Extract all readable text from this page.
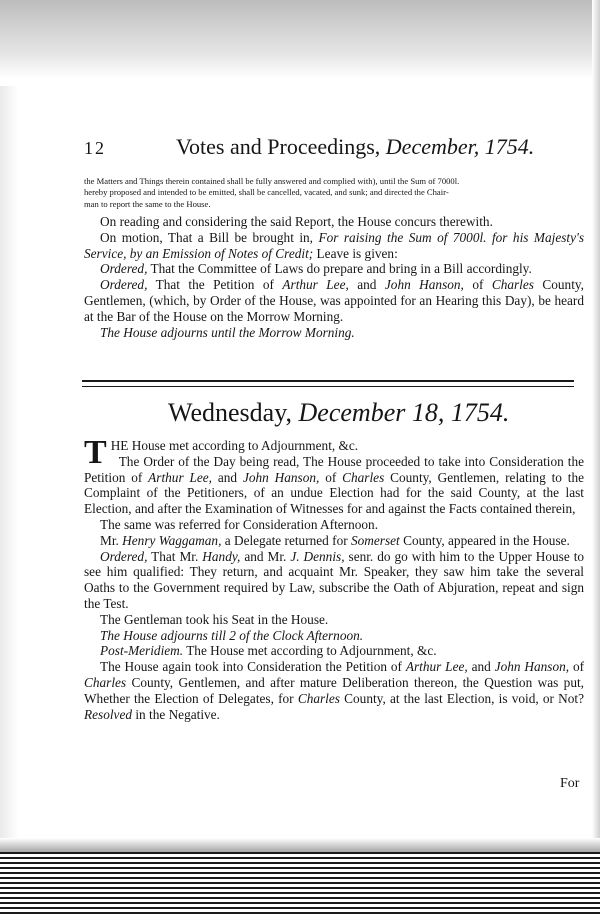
12	Votes and Proceedings, December, 1754.
the Matters and Things therein contained shall be fully answered and complied with), until the Sum of 7000l.
hereby proposed and intended to be emitted, shall be cancelled, vacated, and sunk; and directed the Chair-
man to report the same to the House.

On reading and considering the said Report, the House concurs therewith.

On motion, That a Bill be brought in, For raising the Sum of 7000l. for his Majesty's Service, by an Emission of Notes of Credit; Leave is given:

Ordered, That the Committee of Laws do prepare and bring in a Bill accordingly.

Ordered, That the Petition of Arthur Lee, and John Hanson, of Charles County, Gentlemen, (which, by Order of the House, was appointed for an Hearing this Day), be heard at the Bar of the House on the Morrow Morning.

The House adjourns until the Morrow Morning.

Wednesday, December 18, 1754.

THE House met according to Adjournment, &c.
The Order of the Day being read, The House proceeded to take into Consideration the Petition of Arthur Lee, and John Hanson, of Charles County, Gentlemen, relating to the Complaint of the Petitioners, of an undue Election had for the said County, at the last Election, and after the Examination of Witnesses for and against the Facts contained therein,

The same was referred for Consideration Afternoon.

Mr. Henry Waggaman, a Delegate returned for Somerset County, appeared in the House.

Ordered, That Mr. Handy, and Mr. J. Dennis, senr. do go with him to the Upper House to see him qualified: They return, and acquaint Mr. Speaker, they saw him take the several Oaths to the Government required by Law, subscribe the Oath of Abjuration, repeat and sign the Test.

The Gentleman took his Seat in the House.

The House adjourns till 2 of the Clock Afternoon.

Post-Meridiem. The House met according to Adjournment, &c.

The House again took into Consideration the Petition of Arthur Lee, and John Hanson, of Charles County, Gentlemen, and after mature Deliberation thereon, the Question was put, Whether the Election of Delegates, for Charles County, at the last Election, is void, or Not? Resolved in the Negative.

For
